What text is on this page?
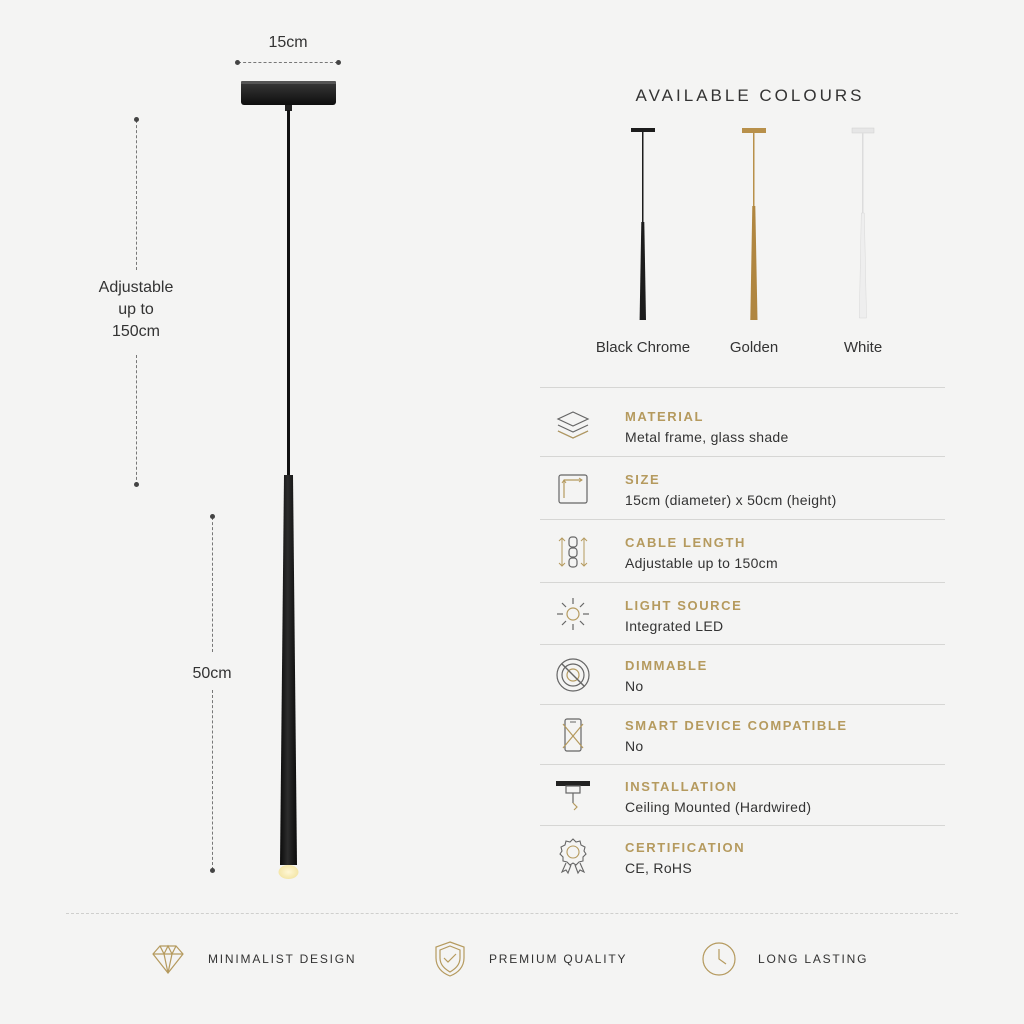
15cm
Adjustable
up to
150cm
50cm
AVAILABLE COLOURS
Black Chrome	Golden	White
MATERIAL
Metal frame, glass shade
SIZE
15cm (diameter) x 50cm (height)
CABLE LENGTH
Adjustable up to 150cm
LIGHT SOURCE
Integrated LED
DIMMABLE
No
SMART DEVICE COMPATIBLE
No
INSTALLATION
Ceiling Mounted (Hardwired)
CERTIFICATION
CE, RoHS
MINIMALIST DESIGN	PREMIUM QUALITY	LONG LASTING
